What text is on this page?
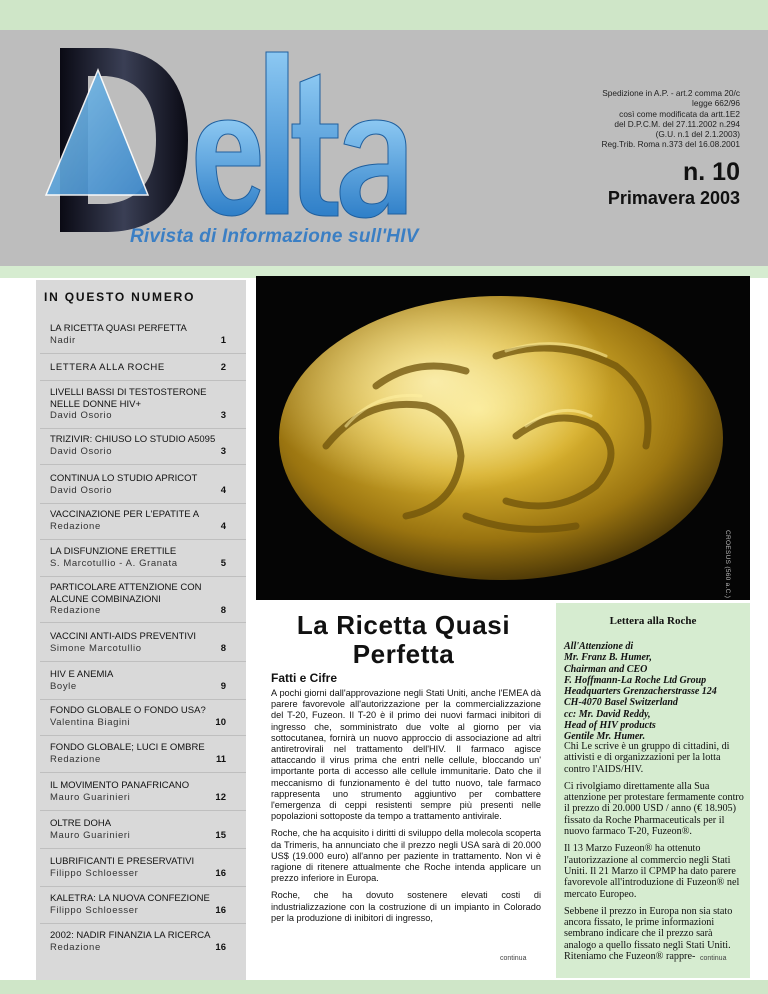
Rivista di Informazione sull'HIV
Spedizione in A.P. - art.2 comma 20/c
legge 662/96
così come modificata da artt.1E2
del D.P.C.M. del 27.11.2002 n.294
(G.U. n.1 del 2.1.2003)
Reg.Trib. Roma n.373 del 16.08.2001
n. 10
Primavera 2003
IN QUESTO NUMERO
LA RICETTA QUASI PERFETTA
Nadir	1
LETTERA ALLA ROCHE	2
LIVELLI BASSI DI TESTOSTERONE NELLE DONNE HIV+
David Osorio	3
TRIZIVIR: CHIUSO LO STUDIO A5095
David Osorio	3
CONTINUA LO STUDIO APRICOT
David Osorio	4
VACCINAZIONE PER L'EPATITE A
Redazione	4
LA DISFUNZIONE ERETTILE
S. Marcotullio - A. Granata	5
PARTICOLARE ATTENZIONE CON ALCUNE COMBINAZIONI
Redazione	8
VACCINI ANTI-AIDS PREVENTIVI
Simone Marcotullio	8
HIV E ANEMIA
Boyle	9
FONDO GLOBALE O FONDO USA?
Valentina Biagini	10
FONDO GLOBALE; LUCI E OMBRE
Redazione	11
IL MOVIMENTO PANAFRICANO
Mauro Guarinieri	12
OLTRE DOHA
Mauro Guarinieri	15
LUBRIFICANTI E PRESERVATIVI
Filippo Schloesser	16
KALETRA: LA NUOVA CONFEZIONE
Filippo Schloesser	16
2002: NADIR FINANZIA LA RICERCA
Redazione	16
CROESUS (560 a.C.)
La Ricetta Quasi Perfetta
Fatti e Cifre

A pochi giorni dall'approvazione negli Stati Uniti, anche l'EMEA dà parere favorevole all'autorizzazione per la commercializzazione del T-20, Fuzeon. Il T-20 è il primo dei nuovi farmaci inibitori di ingresso che, somministrato due volte al giorno per via sottocutanea, fornirà un nuovo approccio di associazione ad altri antiretrovirali nel trattamento dell'HIV. Il farmaco agisce attaccando il virus prima che entri nelle cellule, bloccando un' importante porta di accesso alle cellule immunitarie. Dato che il meccanismo di funzionamento è del tutto nuovo, tale farmaco rappresenta uno strumento aggiuntivo per combattere l'emergenza di ceppi resistenti sempre più presenti nelle popolazioni sottoposte da tempo a trattamento antivirale.

Roche, che ha acquisito i diritti di sviluppo della molecola scoperta da Trimeris, ha annunciato che il prezzo negli USA sarà di 20.000 US$ (19.000 euro) all'anno per paziente in trattamento. Non vi è ragione di ritenere attualmente che Roche intenda applicare un prezzo inferiore in Europa.

Roche, che ha dovuto sostenere elevati costi di industrializzazione con la costruzione di un impianto in Colorado per la produzione di inibitori di ingresso,

continua
Lettera alla Roche
All'Attenzione di
Mr. Franz B. Humer,
Chairman and CEO
F. Hoffmann-La Roche Ltd Group
Headquarters Grenzacherstrasse 124
CH-4070 Basel Switzerland
cc: Mr. David Reddy,
Head of HIV products
Gentile Mr. Humer.

Chi Le scrive è un gruppo di cittadini, di attivisti e di organizzazioni per la lotta contro l'AIDS/HIV.

Ci rivolgiamo direttamente alla Sua attenzione per protestare fermamente contro il prezzo di 20.000 USD / anno (€ 18.905) fissato da Roche Pharmaceuticals per il nuovo farmaco T-20, Fuzeon®.

Il 13 Marzo Fuzeon® ha ottenuto l'autorizzazione al commercio negli Stati Uniti. Il 21 Marzo il CPMP ha dato parere favorevole all'introduzione di Fuzeon® nel mercato Europeo.

Sebbene il prezzo in Europa non sia stato ancora fissato, le prime informazioni sembrano indicare che il prezzo sarà analogo a quello fissato negli Stati Uniti. Riteniamo che Fuzeon® rappre- continua
